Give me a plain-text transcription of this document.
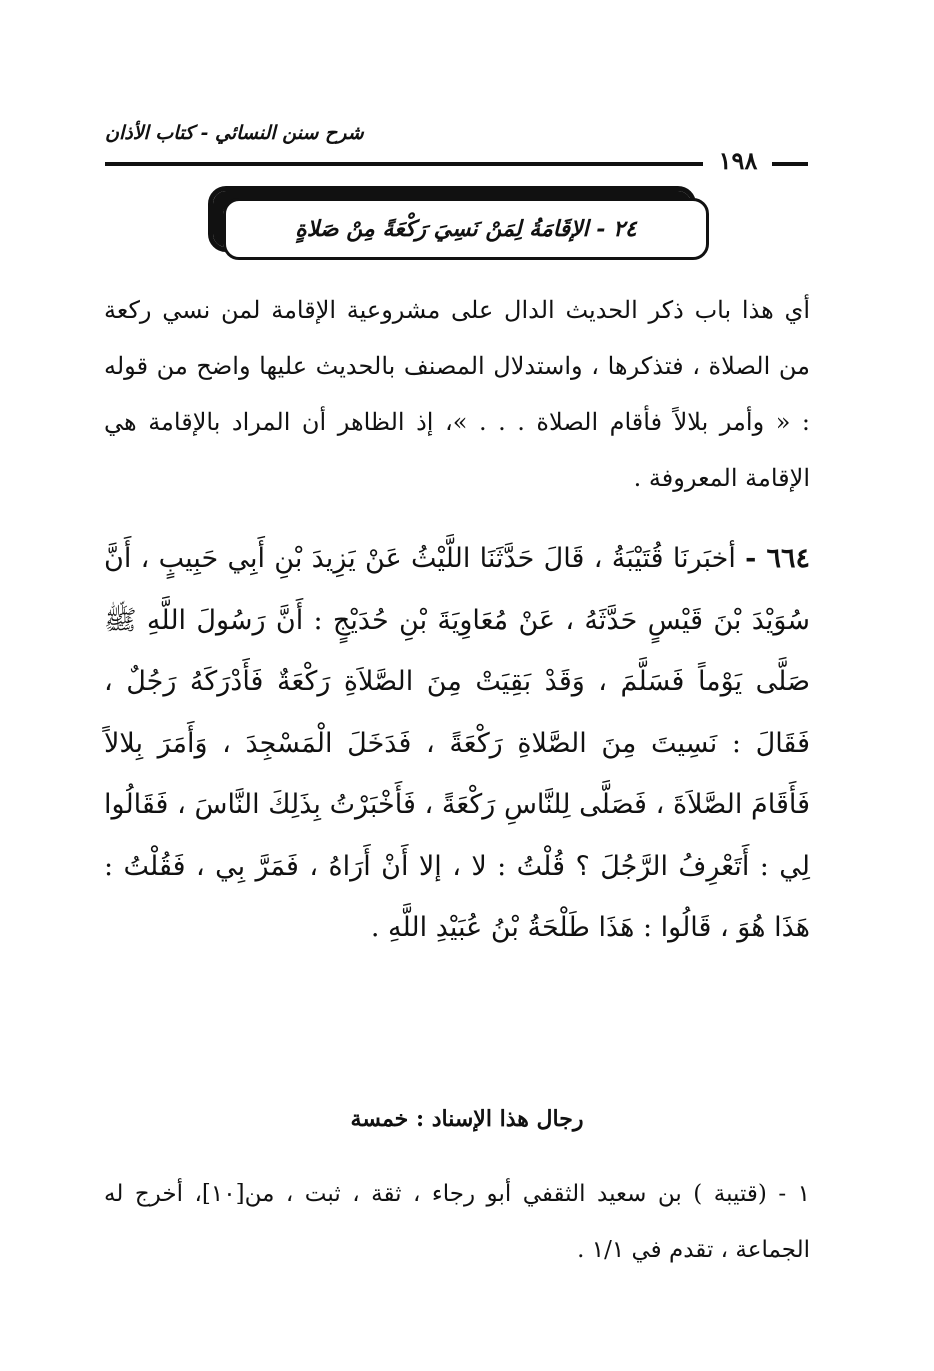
شرح سنن النسائي - كتاب الأذان
١٩٨
٢٤ - الإقَامَةُ لِمَنْ نَسِيَ رَكْعَةً مِنْ صَلاةٍ

أي هذا باب ذكر الحديث الدال على مشروعية الإقامة لمن نسي ركعة من الصلاة ، فتذكرها ، واستدلال المصنف بالحديث عليها واضح من قوله : « وأمر بلالاً فأقام الصلاة . . . »، إذ الظاهر أن المراد بالإقامة هي الإقامة المعروفة .

٦٦٤ - أخبَرنَا قُتَيْبَةُ ، قَالَ حَدَّثَنَا اللَّيْثُ عَنْ يَزِيدَ بْنِ أَبِي حَبِيبٍ ، أَنَّ سُوَيْدَ بْنَ قَيْسٍ حَدَّثَهُ ، عَنْ مُعَاوِيَةَ بْنِ حُدَيْجٍ : أَنَّ رَسُولَ اللَّهِ ﷺ صَلَّى يَوْماً فَسَلَّمَ ، وَقَدْ بَقِيَتْ مِنَ الصَّلاَةِ رَكْعَةٌ فَأَدْرَكَهُ رَجُلٌ ، فَقَالَ : نَسِيتَ مِنَ الصَّلاةِ رَكْعَةً ، فَدَخَلَ الْمَسْجِدَ ، وَأَمَرَ بِلالاً فَأَقَامَ الصَّلاَةَ ، فَصَلَّى لِلنَّاسِ رَكْعَةً ، فَأَخْبَرْتُ بِذَلِكَ النَّاسَ ، فَقَالُوا لِي : أَتَعْرِفُ الرَّجُلَ ؟ قُلْتُ : لا ، إلا أَنْ أَرَاهُ ، فَمَرَّ بِي ، فَقُلْتُ : هَذَا هُوَ ، قَالُوا : هَذَا طَلْحَةُ بْنُ عُبَيْدِ اللَّهِ .

رجال هذا الإسناد : خمسة

١ - (قتيبة ) بن سعيد الثقفي أبو رجاء ، ثقة ، ثبت ، من[١٠]، أخرج له الجماعة ، تقدم في ١/١ .
